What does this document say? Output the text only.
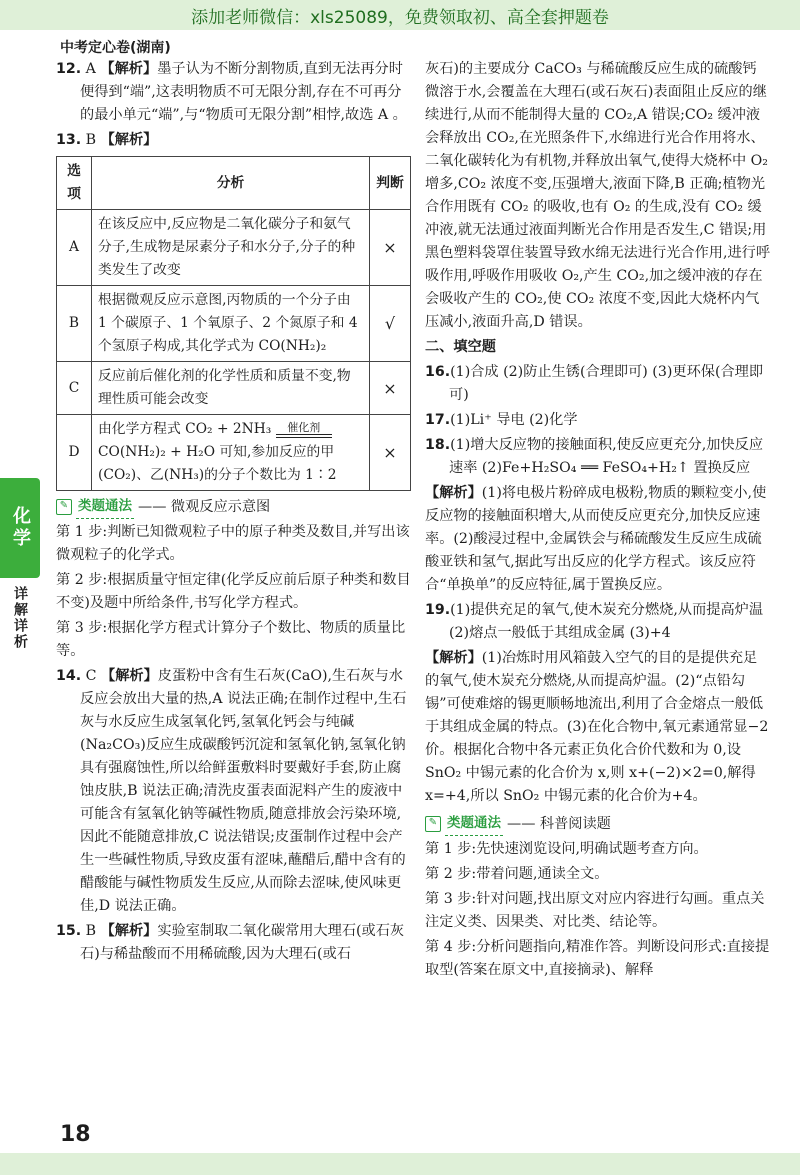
添加老师微信：xls25089，免费领取初、高全套押题卷
中考定心卷(湖南)
化学
详解详析
12. A 【解析】墨子认为不断分割物质,直到无法再分时便得到“端”,这表明物质不可无限分割,存在不可再分的最小单元“端”,与“物质可无限分割”相悖,故选 A 。
13. B 【解析】
选项	分析	判断
A	在该反应中,反应物是二氧化碳分子和氨气分子,生成物是尿素分子和水分子,分子的种类发生了改变	×
B	根据微观反应示意图,丙物质的一个分子由 1 个碳原子、1 个氧原子、2 个氮原子和 4 个氢原子构成,其化学式为 CO(NH₂)₂	√
C	反应前后催化剂的化学性质和质量不变,物理性质可能会改变	×
D	由化学方程式 CO₂ + 2NH₃ 催化剂
CO(NH₂)₂ + H₂O 可知,参加反应的甲(CO₂)、乙(NH₃)的分子个数比为 1∶2	×
✎ 类题通法 —— 微观反应示意图

第 1 步:判断已知微观粒子中的原子种类及数目,并写出该微观粒子的化学式。

第 2 步:根据质量守恒定律(化学反应前后原子种类和数目不变)及题中所给条件,书写化学方程式。

第 3 步:根据化学方程式计算分子个数比、物质的质量比等。

14. C 【解析】皮蛋粉中含有生石灰(CaO),生石灰与水反应会放出大量的热,A 说法正确;在制作过程中,生石灰与水反应生成氢氧化钙,氢氧化钙会与纯碱(Na₂CO₃)反应生成碳酸钙沉淀和氢氧化钠,氢氧化钠具有强腐蚀性,所以给鲜蛋敷料时要戴好手套,防止腐蚀皮肤,B 说法正确;清洗皮蛋表面泥料产生的废液中可能含有氢氧化钠等碱性物质,随意排放会污染环境,因此不能随意排放,C 说法错误;皮蛋制作过程中会产生一些碱性物质,导致皮蛋有涩味,蘸醋后,醋中含有的醋酸能与碱性物质发生反应,从而除去涩味,使风味更佳,D 说法正确。
15. B 【解析】实验室制取二氧化碳常用大理石(或石灰石)与稀盐酸而不用稀硫酸,因为大理石(或石

灰石)的主要成分 CaCO₃ 与稀硫酸反应生成的硫酸钙微溶于水,会覆盖在大理石(或石灰石)表面阻止反应的继续进行,从而不能制得大量的 CO₂,A 错误;CO₂ 缓冲液会释放出 CO₂,在光照条件下,水绵进行光合作用将水、二氧化碳转化为有机物,并释放出氧气,使得大烧杯中 O₂ 增多,CO₂ 浓度不变,压强增大,液面下降,B 正确;植物光合作用既有 CO₂ 的吸收,也有 O₂ 的生成,没有 CO₂ 缓冲液,就无法通过液面判断光合作用是否发生,C 错误;用黑色塑料袋罩住装置导致水绵无法进行光合作用,进行呼吸作用,呼吸作用吸收 O₂,产生 CO₂,加之缓冲液的存在会吸收产生的 CO₂,使 CO₂ 浓度不变,因此大烧杯内气压减小,液面升高,D 错误。

二、填空题
16.(1)合成 (2)防止生锈(合理即可) (3)更环保(合理即可)
17.(1)Li⁺ 导电 (2)化学
18.(1)增大反应物的接触面积,使反应更充分,加快反应速率 (2)Fe+H₂SO₄ ══ FeSO₄+H₂↑ 置换反应

【解析】(1)将电极片粉碎成电极粉,物质的颗粒变小,使反应物的接触面积增大,从而使反应更充分,加快反应速率。(2)酸浸过程中,金属铁会与稀硫酸发生反应生成硫酸亚铁和氢气,据此写出反应的化学方程式。该反应符合“单换单”的反应特征,属于置换反应。

19.(1)提供充足的氧气,使木炭充分燃烧,从而提高炉温 (2)熔点一般低于其组成金属 (3)+4

【解析】(1)冶炼时用风箱鼓入空气的目的是提供充足的氧气,使木炭充分燃烧,从而提高炉温。(2)“点铅勾锡”可使难熔的锡更顺畅地流出,利用了合金熔点一般低于其组成金属的特点。(3)在化合物中,氧元素通常显−2 价。根据化合物中各元素正负化合价代数和为 0,设 SnO₂ 中锡元素的化合价为 x,则 x+(−2)×2=0,解得 x=+4,所以 SnO₂ 中锡元素的化合价为+4。

✎ 类题通法 —— 科普阅读题

第 1 步:先快速浏览设问,明确试题考查方向。

第 2 步:带着问题,通读全文。

第 3 步:针对问题,找出原文对应内容进行勾画。重点关注定义类、因果类、对比类、结论等。

第 4 步:分析问题指向,精准作答。判断设问形式:直接提取型(答案在原文中,直接摘录)、解释

18
